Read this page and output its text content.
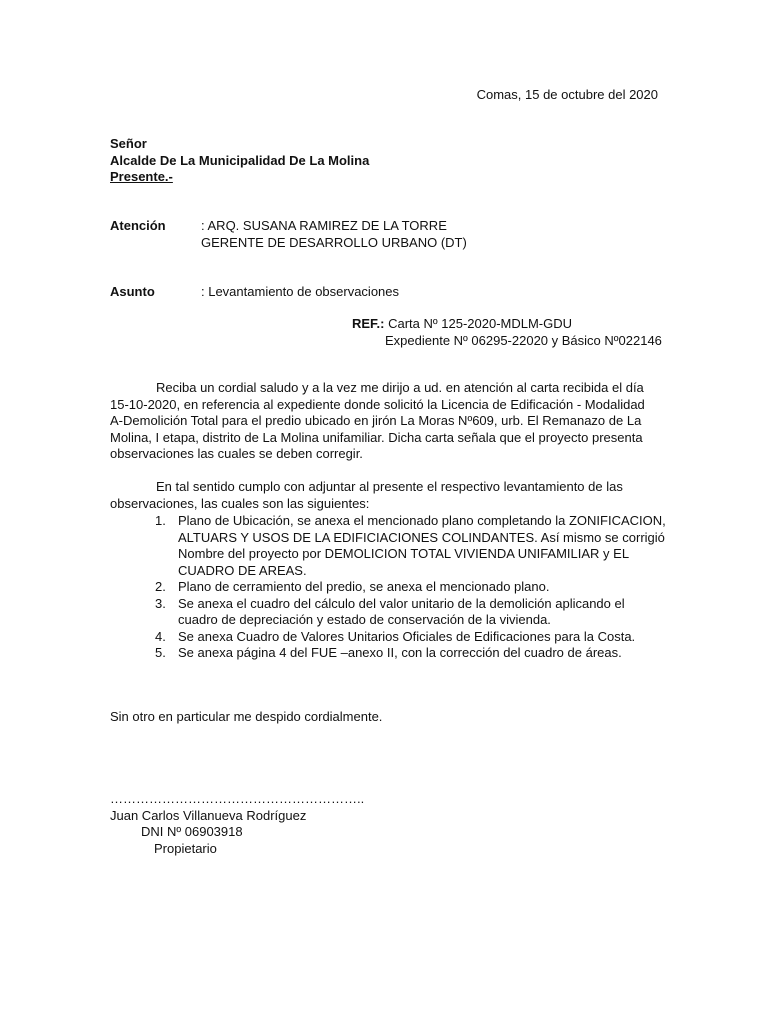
Comas, 15 de octubre del 2020
Señor
Alcalde De La Municipalidad De La Molina
Presente.-
Atención	: ARQ. SUSANA RAMIREZ DE LA TORRE
GERENTE DE DESARROLLO URBANO (DT)
Asunto	: Levantamiento de observaciones
REF.: Carta Nº 125-2020-MDLM-GDU
Expediente Nº 06295-22020 y Básico Nº022146
Reciba un cordial saludo y a la vez me dirijo a ud. en atención al carta recibida el día
15-10-2020, en referencia al expediente donde solicitó la Licencia de Edificación - Modalidad
A-Demolición Total para el predio ubicado en jirón La Moras Nº609, urb. El Remanazo de La
Molina, I etapa, distrito de La Molina unifamiliar. Dicha carta señala que el proyecto presenta
observaciones las cuales se deben corregir.
En tal sentido cumplo con adjuntar al presente el respectivo levantamiento de las
observaciones, las cuales son las siguientes:
1. Plano de Ubicación, se anexa el mencionado plano completando la ZONIFICACION,
ALTUARS Y USOS DE LA EDIFICIACIONES COLINDANTES. Así mismo se corrigió
Nombre del proyecto por DEMOLICION TOTAL VIVIENDA UNIFAMILIAR y EL
CUADRO DE AREAS.
2. Plano de cerramiento del predio, se anexa el mencionado plano.
3. Se anexa el cuadro del cálculo del valor unitario de la demolición aplicando el
cuadro de depreciación y estado de conservación de la vivienda.
4. Se anexa Cuadro de Valores Unitarios Oficiales de Edificaciones para la Costa.
5. Se anexa página 4 del FUE –anexo II, con la corrección del cuadro de áreas.
Sin otro en particular me despido cordialmente.
…………………………………………………..
Juan Carlos Villanueva Rodríguez
DNI Nº 06903918
Propietario
